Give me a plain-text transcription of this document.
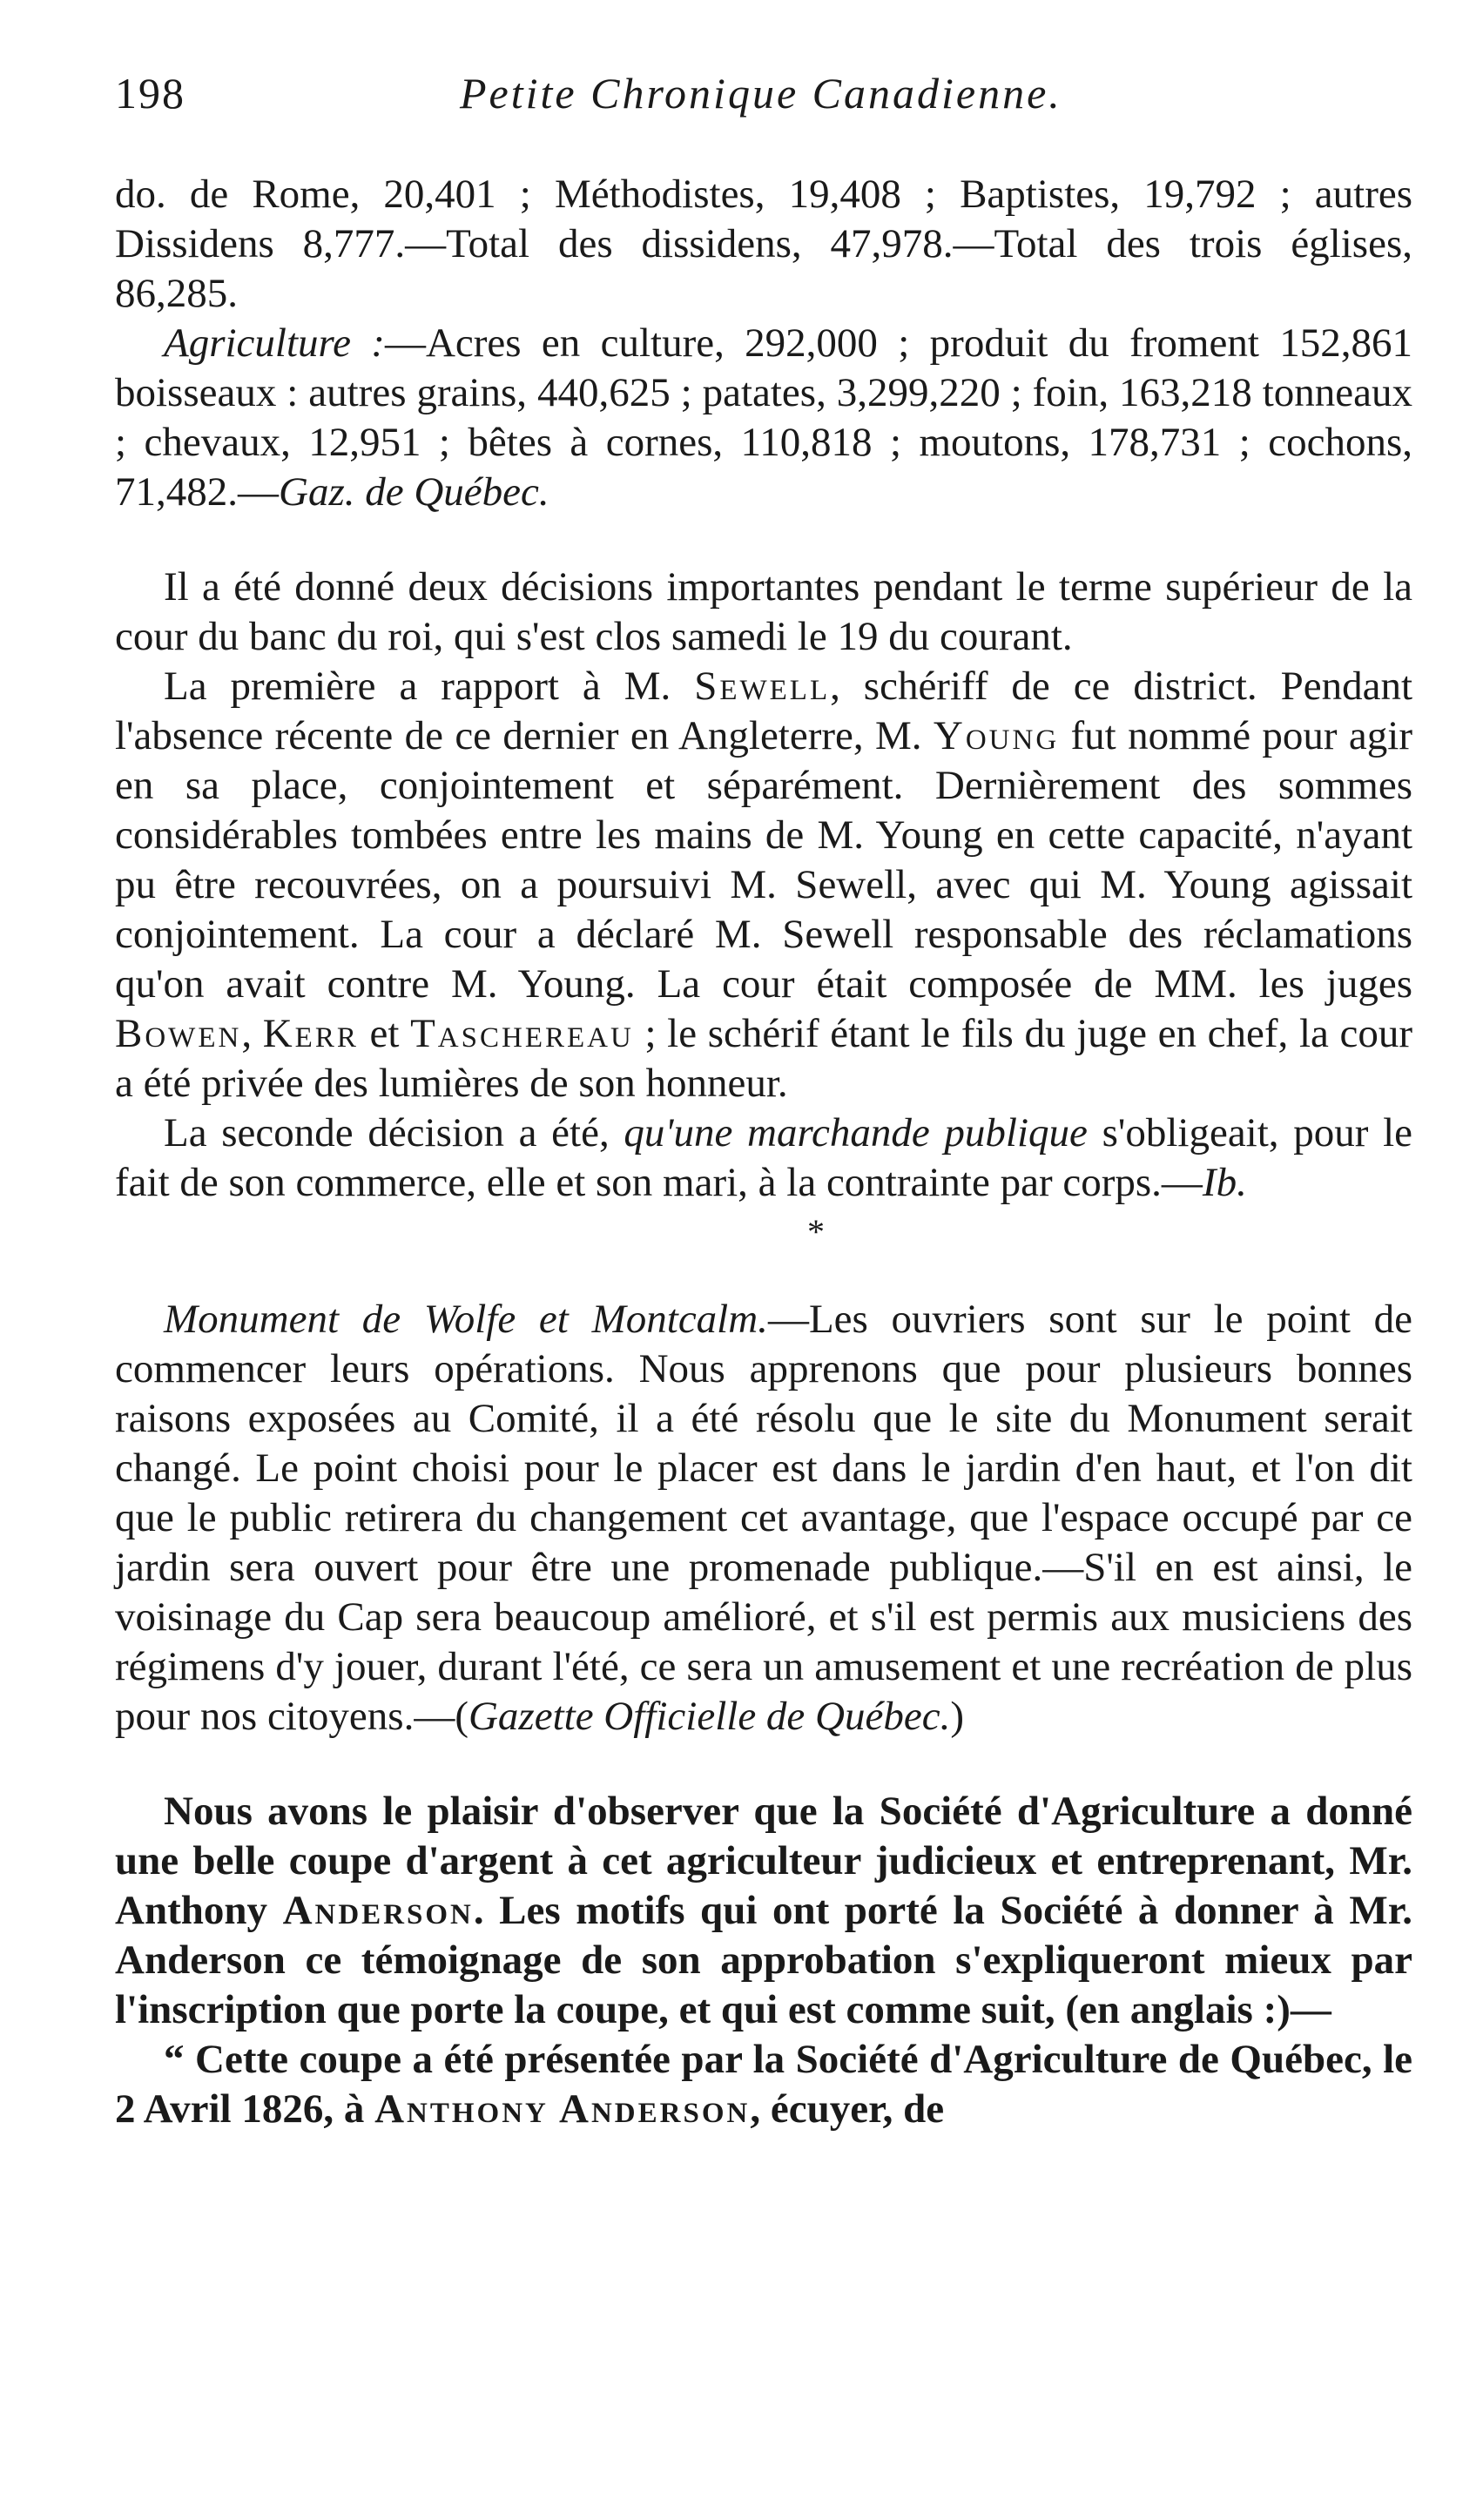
198	Petite Chronique Canadienne.

do. de Rome, 20,401 ; Méthodistes, 19,408 ; Baptistes, 19,792 ; autres Dissidens 8,777.—Total des dissidens, 47,978.—Total des trois églises, 86,285.

Agriculture :—Acres en culture, 292,000 ; produit du froment 152,861 boisseaux : autres grains, 440,625 ; patates, 3,299,220 ; foin, 163,218 tonneaux ; chevaux, 12,951 ; bêtes à cornes, 110,818 ; moutons, 178,731 ; cochons, 71,482.—Gaz. de Québec.

Il a été donné deux décisions importantes pendant le terme supérieur de la cour du banc du roi, qui s'est clos samedi le 19 du courant.

La première a rapport à M. Sewell, schériff de ce district. Pendant l'absence récente de ce dernier en Angleterre, M. Young fut nommé pour agir en sa place, conjointement et séparément. Dernièrement des sommes considérables tombées entre les mains de M. Young en cette capacité, n'ayant pu être recouvrées, on a poursuivi M. Sewell, avec qui M. Young agissait conjointement. La cour a déclaré M. Sewell responsable des réclamations qu'on avait contre M. Young. La cour était composée de MM. les juges Bowen, Kerr et Taschereau ; le schérif étant le fils du juge en chef, la cour a été privée des lumières de son honneur.

La seconde décision a été, qu'une marchande publique s'obligeait, pour le fait de son commerce, elle et son mari, à la contrainte par corps.—Ib.

*

Monument de Wolfe et Montcalm.—Les ouvriers sont sur le point de commencer leurs opérations. Nous apprenons que pour plusieurs bonnes raisons exposées au Comité, il a été résolu que le site du Monument serait changé. Le point choisi pour le placer est dans le jardin d'en haut, et l'on dit que le public retirera du changement cet avantage, que l'espace occupé par ce jardin sera ouvert pour être une promenade publique.—S'il en est ainsi, le voisinage du Cap sera beaucoup amélioré, et s'il est permis aux musiciens des régimens d'y jouer, durant l'été, ce sera un amusement et une recréation de plus pour nos citoyens.—(Gazette Officielle de Québec.)

Nous avons le plaisir d'observer que la Société d'Agriculture a donné une belle coupe d'argent à cet agriculteur judicieux et entreprenant, Mr. Anthony Anderson. Les motifs qui ont porté la Société à donner à Mr. Anderson ce témoignage de son approbation s'expliqueront mieux par l'inscription que porte la coupe, et qui est comme suit, (en anglais :)—

“ Cette coupe a été présentée par la Société d'Agriculture de Québec, le 2 Avril 1826, à Anthony Anderson, écuyer, de
